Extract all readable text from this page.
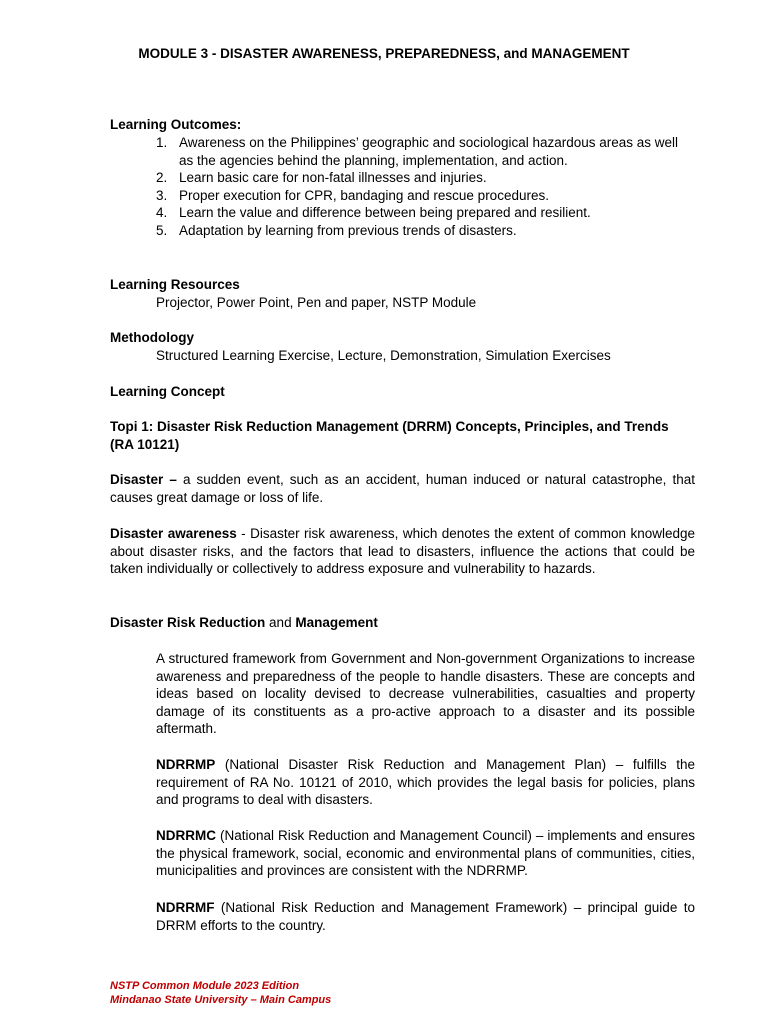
MODULE 3 - DISASTER AWARENESS, PREPAREDNESS, and MANAGEMENT

Learning Outcomes:

1. Awareness on the Philippines’ geographic and sociological hazardous areas as well as the agencies behind the planning, implementation, and action.
2. Learn basic care for non-fatal illnesses and injuries.
3. Proper execution for CPR, bandaging and rescue procedures.
4. Learn the value and difference between being prepared and resilient.
5. Adaptation by learning from previous trends of disasters.

Learning Resources

Projector, Power Point, Pen and paper, NSTP Module

Methodology

Structured Learning Exercise, Lecture, Demonstration, Simulation Exercises

Learning Concept

Topi 1: Disaster Risk Reduction Management (DRRM) Concepts, Principles, and Trends (RA 10121)

Disaster – a sudden event, such as an accident, human induced or natural catastrophe, that causes great damage or loss of life.

Disaster awareness - Disaster risk awareness, which denotes the extent of common knowledge about disaster risks, and the factors that lead to disasters, influence the actions that could be taken individually or collectively to address exposure and vulnerability to hazards.

Disaster Risk Reduction and Management

A structured framework from Government and Non-government Organizations to increase awareness and preparedness of the people to handle disasters. These are concepts and ideas based on locality devised to decrease vulnerabilities, casualties and property damage of its constituents as a pro-active approach to a disaster and its possible aftermath.

NDRRMP (National Disaster Risk Reduction and Management Plan) – fulfills the requirement of RA No. 10121 of 2010, which provides the legal basis for policies, plans and programs to deal with disasters.

NDRRMC (National Risk Reduction and Management Council) – implements and ensures the physical framework, social, economic and environmental plans of communities, cities, municipalities and provinces are consistent with the NDRRMP.

NDRRMF (National Risk Reduction and Management Framework) – principal guide to DRRM efforts to the country.

NSTP Common Module 2023 Edition
Mindanao State University – Main Campus
